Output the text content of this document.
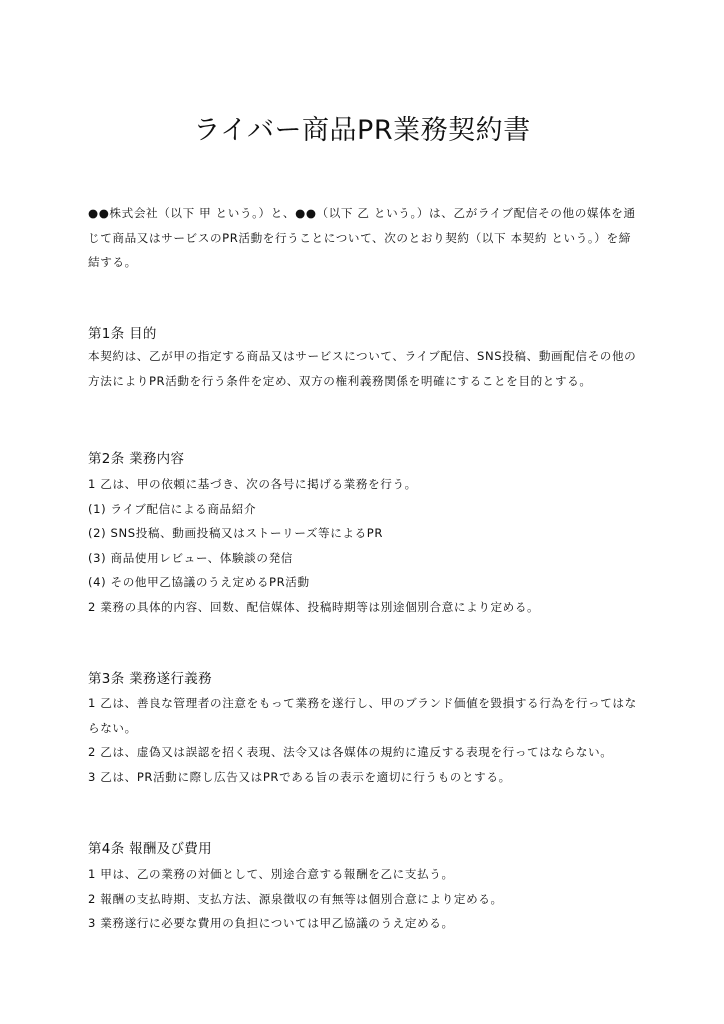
ライバー商品PR業務契約書
●●株式会社（以下 甲 という。）と、●●（以下 乙 という。）は、乙がライブ配信その他の媒体を通
じて商品又はサービスのPR活動を行うことについて、次のとおり契約（以下 本契約 という。）を締
結する。
第1条 目的
本契約は、乙が甲の指定する商品又はサービスについて、ライブ配信、SNS投稿、動画配信その他の
方法によりPR活動を行う条件を定め、双方の権利義務関係を明確にすることを目的とする。
第2条 業務内容
1 乙は、甲の依頼に基づき、次の各号に掲げる業務を行う。
(1) ライブ配信による商品紹介
(2) SNS投稿、動画投稿又はストーリーズ等によるPR
(3) 商品使用レビュー、体験談の発信
(4) その他甲乙協議のうえ定めるPR活動
2 業務の具体的内容、回数、配信媒体、投稿時期等は別途個別合意により定める。
第3条 業務遂行義務
1 乙は、善良な管理者の注意をもって業務を遂行し、甲のブランド価値を毀損する行為を行ってはな
らない。
2 乙は、虚偽又は誤認を招く表現、法令又は各媒体の規約に違反する表現を行ってはならない。
3 乙は、PR活動に際し広告又はPRである旨の表示を適切に行うものとする。
第4条 報酬及び費用
1 甲は、乙の業務の対価として、別途合意する報酬を乙に支払う。
2 報酬の支払時期、支払方法、源泉徴収の有無等は個別合意により定める。
3 業務遂行に必要な費用の負担については甲乙協議のうえ定める。
